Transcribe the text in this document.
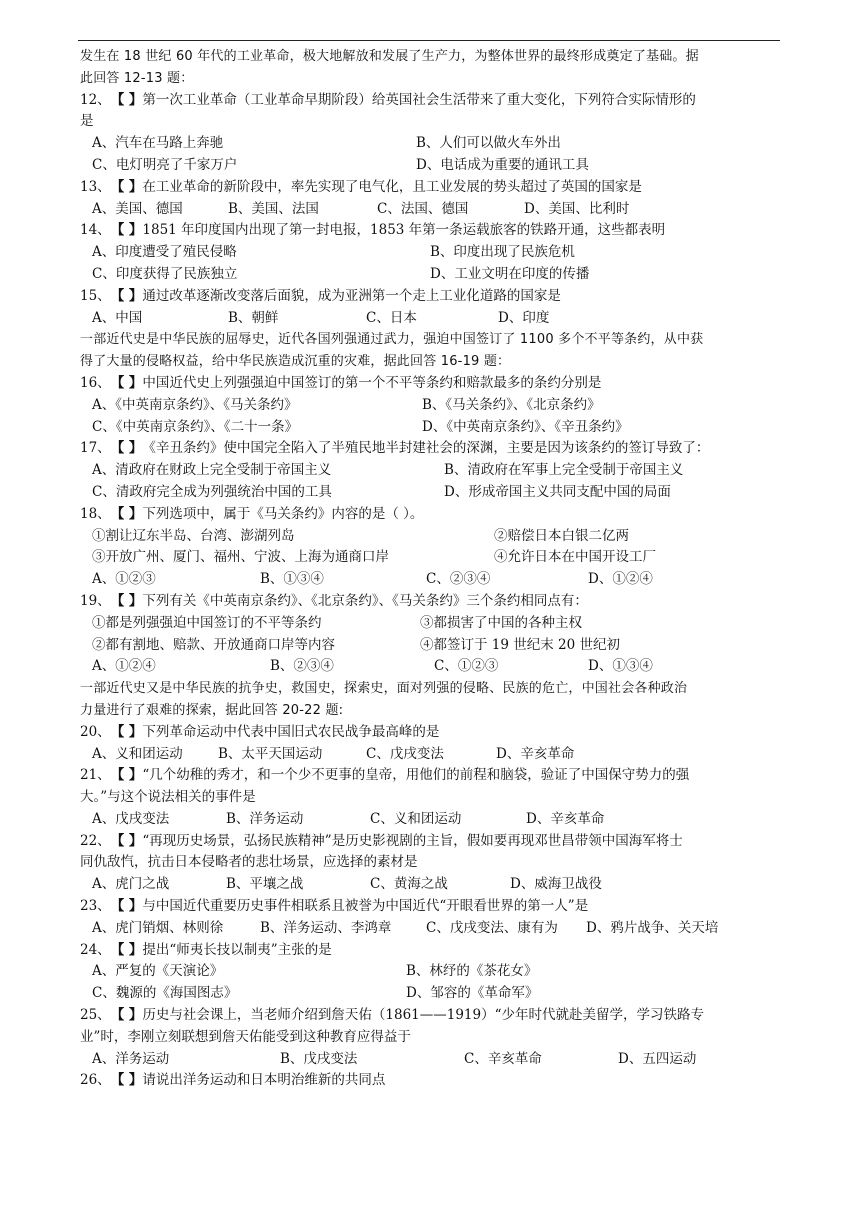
发生在 18 世纪 60 年代的工业革命，极大地解放和发展了生产力，为整体世界的最终形成奠定了基础。据
此回答 12-13 题：
12、【 】第一次工业革命（工业革命早期阶段）给英国社会生活带来了重大变化，下列符合实际情形的
是
A、汽车在马路上奔驰	B、人们可以做火车外出
C、电灯明亮了千家万户	D、电话成为重要的通讯工具
13、【 】在工业革命的新阶段中，率先实现了电气化，且工业发展的势头超过了英国的国家是
A、美国、德国	B、美国、法国	C、法国、德国	D、美国、比利时
14、【 】1851 年印度国内出现了第一封电报，1853 年第一条运载旅客的铁路开通，这些都表明
A、印度遭受了殖民侵略	B、印度出现了民族危机
C、印度获得了民族独立	D、工业文明在印度的传播
15、【 】通过改革逐渐改变落后面貌，成为亚洲第一个走上工业化道路的国家是
A、中国	B、朝鲜	C、日本	D、印度
一部近代史是中华民族的屈辱史，近代各国列强通过武力，强迫中国签订了 1100 多个不平等条约，从中获
得了大量的侵略权益，给中华民族造成沉重的灾难，据此回答 16-19 题：
16、【 】中国近代史上列强强迫中国签订的第一个不平等条约和赔款最多的条约分别是
A、《中英南京条约》、《马关条约》	B、《马关条约》、《北京条约》
C、《中英南京条约》、《二十一条》	D、《中英南京条约》、《辛丑条约》
17、【 】《辛丑条约》使中国完全陷入了半殖民地半封建社会的深渊，主要是因为该条约的签订导致了：
A、清政府在财政上完全受制于帝国主义	B、清政府在军事上完全受制于帝国主义
C、清政府完全成为列强统治中国的工具	D、形成帝国主义共同支配中国的局面
18、【 】下列选项中，属于《马关条约》内容的是（ ）。
①割让辽东半岛、台湾、澎湖列岛	②赔偿日本白银二亿两
③开放广州、厦门、福州、宁波、上海为通商口岸	④允许日本在中国开设工厂
A、①②③	B、①③④	C、②③④	D、①②④
19、【 】下列有关《中英南京条约》、《北京条约》、《马关条约》三个条约相同点有：
①都是列强强迫中国签订的不平等条约	③都损害了中国的各种主权
②都有割地、赔款、开放通商口岸等内容	④都签订于 19 世纪末 20 世纪初
A、①②④	B、②③④	C、①②③	D、①③④
一部近代史又是中华民族的抗争史，救国史，探索史，面对列强的侵略、民族的危亡，中国社会各种政治
力量进行了艰难的探索，据此回答 20-22 题:
20、【 】下列革命运动中代表中国旧式农民战争最高峰的是
A、义和团运动	B、太平天国运动	C、戊戌变法	D、辛亥革命
21、【 】“几个幼稚的秀才，和一个少不更事的皇帝，用他们的前程和脑袋，验证了中国保守势力的强
大。”与这个说法相关的事件是
A、戊戌变法	B、洋务运动	C、义和团运动	D、辛亥革命
22、【 】“再现历史场景，弘扬民族精神”是历史影视剧的主旨，假如要再现邓世昌带领中国海军将士
同仇敌忾，抗击日本侵略者的悲壮场景，应选择的素材是
A、虎门之战	B、平壤之战	C、黄海之战	D、威海卫战役
23、【 】与中国近代重要历史事件相联系且被誉为中国近代“开眼看世界的第一人”是
A、虎门销烟、林则徐	B、洋务运动、李鸿章	C、戊戌变法、康有为 D、鸦片战争、关天培
24、【 】提出“师夷长技以制夷”主张的是
A、严复的《天演论》	B、林纾的《茶花女》
C、魏源的《海国图志》	D、邹容的《革命军》
25、【 】历史与社会课上，当老师介绍到詹天佑（1861——1919）“少年时代就赴美留学，学习铁路专
业”时，李刚立刻联想到詹天佑能受到这种教育应得益于
A、洋务运动	B、戊戌变法	C、辛亥革命	D、五四运动
26、【 】请说出洋务运动和日本明治维新的共同点
